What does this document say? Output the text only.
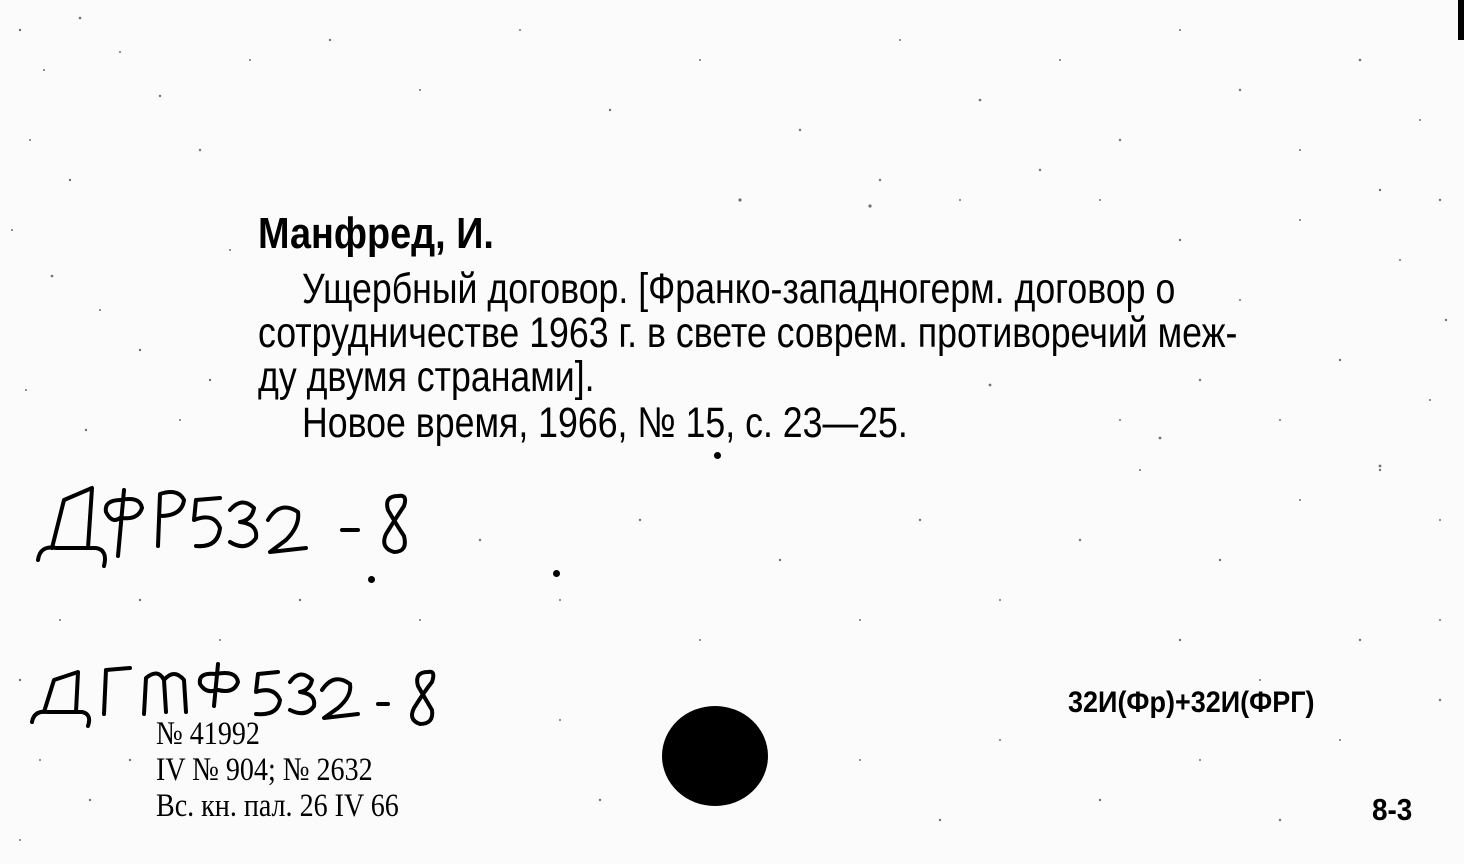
Манфред, И.
Ущербный договор. [Франко-западногерм. договор о
сотрудничестве 1963 г. в свете соврем. противоречий меж-
ду двумя странами].
Новое время, 1966, № 15, с. 23—25.
№ 41992
IV № 904; № 2632
Вс. кн. пал. 26 IV 66
32И(Фр)+32И(ФРГ)
8-3
